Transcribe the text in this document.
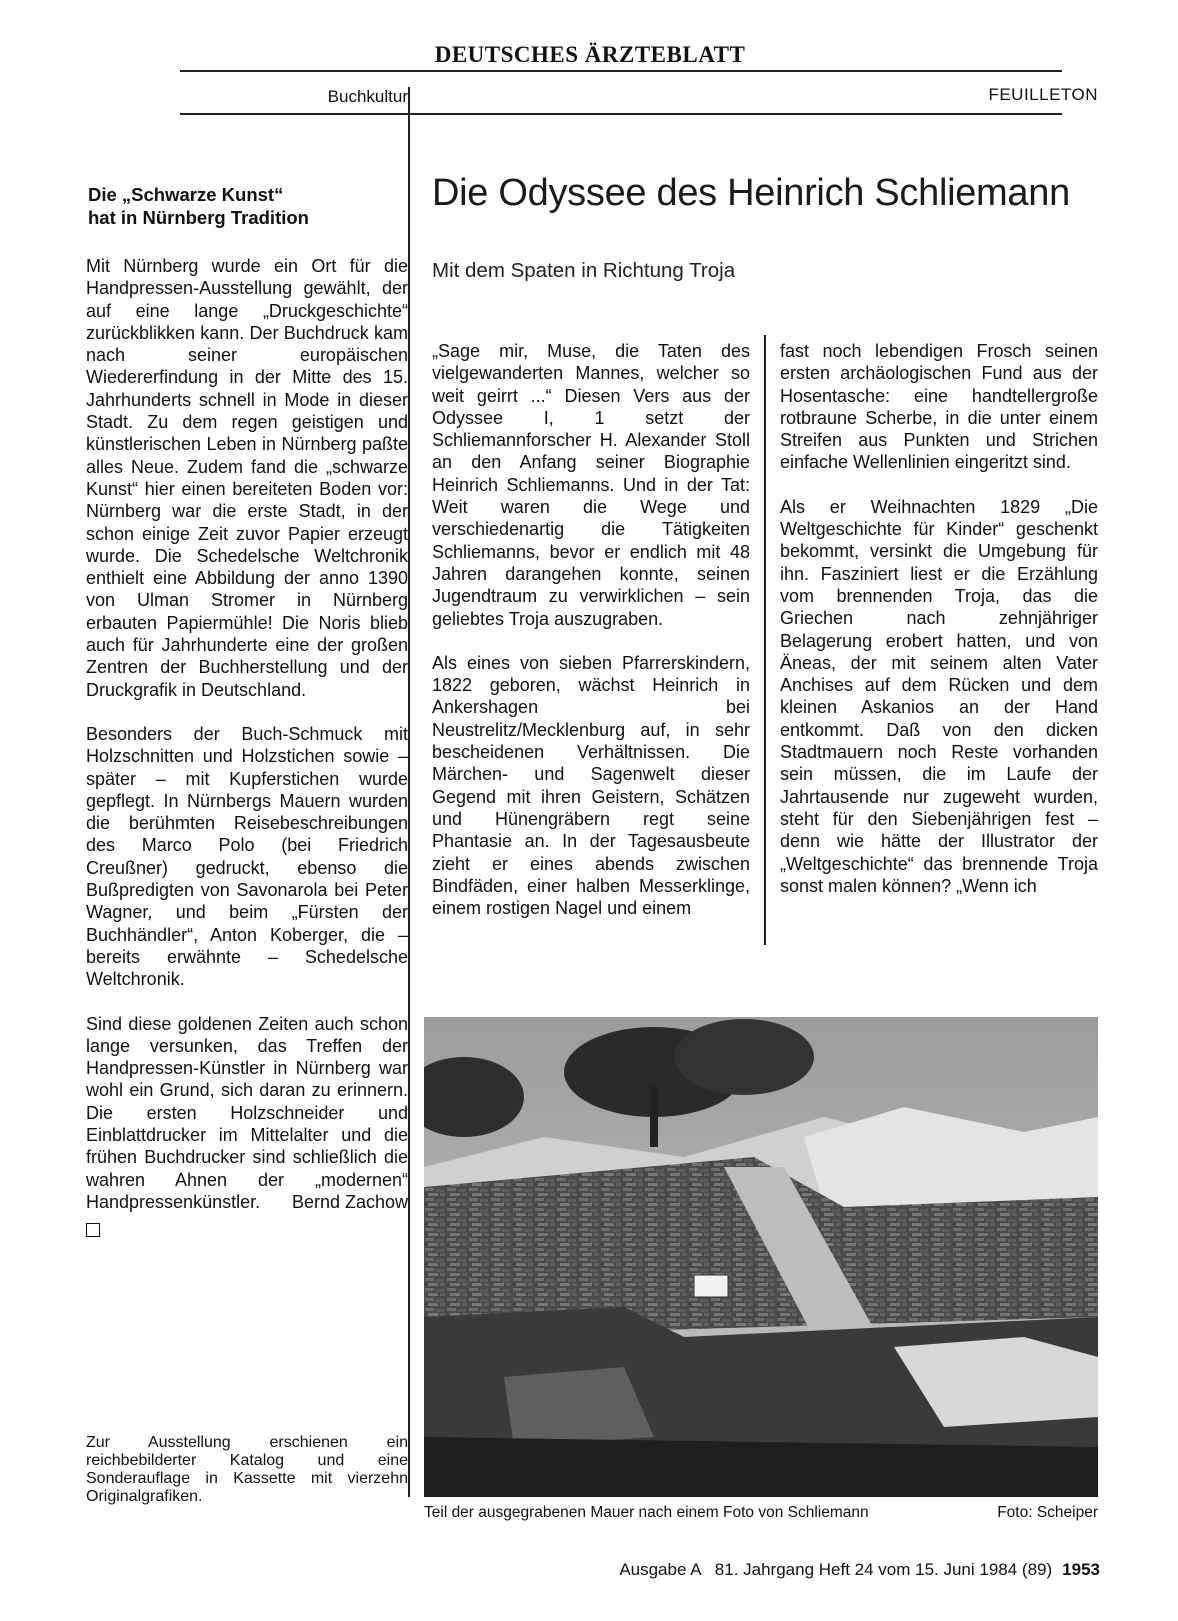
DEUTSCHES ÄRZTEBLATT
Buchkultur	FEUILLETON
Die „Schwarze Kunst“
hat in Nürnberg Tradition

Mit Nürnberg wurde ein Ort für die Handpressen-Ausstellung gewählt, der auf eine lange „Druckgeschichte“ zurückblikken kann. Der Buchdruck kam nach seiner europäischen Wiedererfindung in der Mitte des 15. Jahrhunderts schnell in Mode in dieser Stadt. Zu dem regen geistigen und künstlerischen Leben in Nürnberg paßte alles Neue. Zudem fand die „schwarze Kunst“ hier einen bereiteten Boden vor: Nürnberg war die erste Stadt, in der schon einige Zeit zuvor Papier erzeugt wurde. Die Schedelsche Weltchronik enthielt eine Abbildung der anno 1390 von Ulman Stromer in Nürnberg erbauten Papiermühle! Die Noris blieb auch für Jahrhunderte eine der großen Zentren der Buchherstellung und der Druckgrafik in Deutschland.

Besonders der Buch-Schmuck mit Holzschnitten und Holzstichen sowie – später – mit Kupferstichen wurde gepflegt. In Nürnbergs Mauern wurden die berühmten Reisebeschreibungen des Marco Polo (bei Friedrich Creußner) gedruckt, ebenso die Bußpredigten von Savonarola bei Peter Wagner, und beim „Fürsten der Buchhändler“, Anton Koberger, die – bereits erwähnte – Schedelsche Weltchronik.

Sind diese goldenen Zeiten auch schon lange versunken, das Treffen der Handpressen-Künstler in Nürnberg war wohl ein Grund, sich daran zu erinnern. Die ersten Holzschneider und Einblattdrucker im Mittelalter und die frühen Buchdrucker sind schließlich die wahren Ahnen der „modernen“ Handpressenkünstler. Bernd Zachow

Zur Ausstellung erschienen ein reichbebilderter Katalog und eine Sonderauflage in Kassette mit vierzehn Originalgrafiken.
Die Odyssee des Heinrich Schliemann
Mit dem Spaten in Richtung Troja

„Sage mir, Muse, die Taten des vielgewanderten Mannes, welcher so weit geirrt ...“ Diesen Vers aus der Odyssee I, 1 setzt der Schliemannforscher H. Alexander Stoll an den Anfang seiner Biographie Heinrich Schliemanns. Und in der Tat: Weit waren die Wege und verschiedenartig die Tätigkeiten Schliemanns, bevor er endlich mit 48 Jahren darangehen konnte, seinen Jugendtraum zu verwirklichen – sein geliebtes Troja auszugraben.

Als eines von sieben Pfarrerskindern, 1822 geboren, wächst Heinrich in Ankershagen bei Neustrelitz/Mecklenburg auf, in sehr bescheidenen Verhältnissen. Die Märchen- und Sagenwelt dieser Gegend mit ihren Geistern, Schätzen und Hünengräbern regt seine Phantasie an. In der Tagesausbeute zieht er eines abends zwischen Bindfäden, einer halben Messerklinge, einem rostigen Nagel und einem

fast noch lebendigen Frosch seinen ersten archäologischen Fund aus der Hosentasche: eine handtellergroße rotbraune Scherbe, in die unter einem Streifen aus Punkten und Strichen einfache Wellenlinien eingeritzt sind.

Als er Weihnachten 1829 „Die Weltgeschichte für Kinder“ geschenkt bekommt, versinkt die Umgebung für ihn. Fasziniert liest er die Erzählung vom brennenden Troja, das die Griechen nach zehnjähriger Belagerung erobert hatten, und von Äneas, der mit seinem alten Vater Anchises auf dem Rücken und dem kleinen Askanios an der Hand entkommt. Daß von den dicken Stadtmauern noch Reste vorhanden sein müssen, die im Laufe der Jahrtausende nur zugeweht wurden, steht für den Siebenjährigen fest – denn wie hätte der Illustrator der „Weltgeschichte“ das brennende Troja sonst malen können? „Wenn ich

Teil der ausgegrabenen Mauer nach einem Foto von Schliemann	Foto: Scheiper
Ausgabe A   81. Jahrgang Heft 24 vom 15. Juni 1984 (89) 1953
